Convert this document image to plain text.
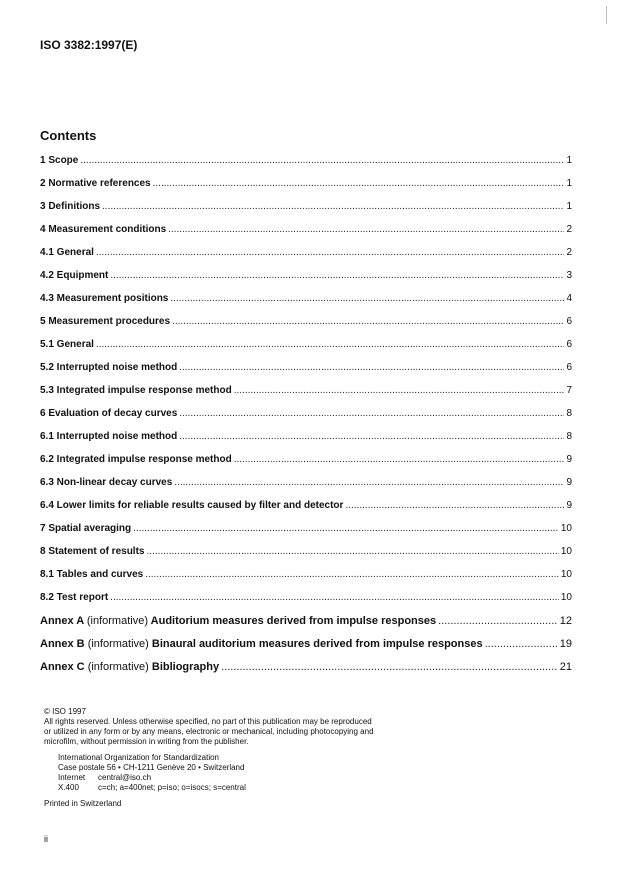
ISO 3382:1997(E)
Contents
1 Scope .....	1
2 Normative references .....	1
3 Definitions .....	1
4 Measurement conditions .....	2
4.1 General .....	2
4.2 Equipment .....	3
4.3 Measurement positions .....	4
5 Measurement procedures .....	6
5.1 General .....	6
5.2 Interrupted noise method .....	6
5.3 Integrated impulse response method .....	7
6 Evaluation of decay curves .....	8
6.1 Interrupted noise method .....	8
6.2 Integrated impulse response method .....	9
6.3 Non-linear decay curves .....	9
6.4 Lower limits for reliable results caused by filter and detector .....	9
7 Spatial averaging .....	10
8 Statement of results .....	10
8.1 Tables and curves .....	10
8.2 Test report .....	10
Annex A (informative) Auditorium measures derived from impulse responses .....	12
Annex B (informative) Binaural auditorium measures derived from impulse responses .....	19
Annex C (informative) Bibliography .....	21

© ISO 1997

All rights reserved. Unless otherwise specified, no part of this publication may be reproduced

or utilized in any form or by any means, electronic or mechanical, including photocopying and

microfilm, without permission in writing from the publisher.

International Organization for Standardization

Case postale 56 • CH-1211 Genève 20 • Switzerland

Internet	central@iso.ch
X.400	c=ch; a=400net; p=iso; o=isocs; s=central

Printed in Switzerland

ii
